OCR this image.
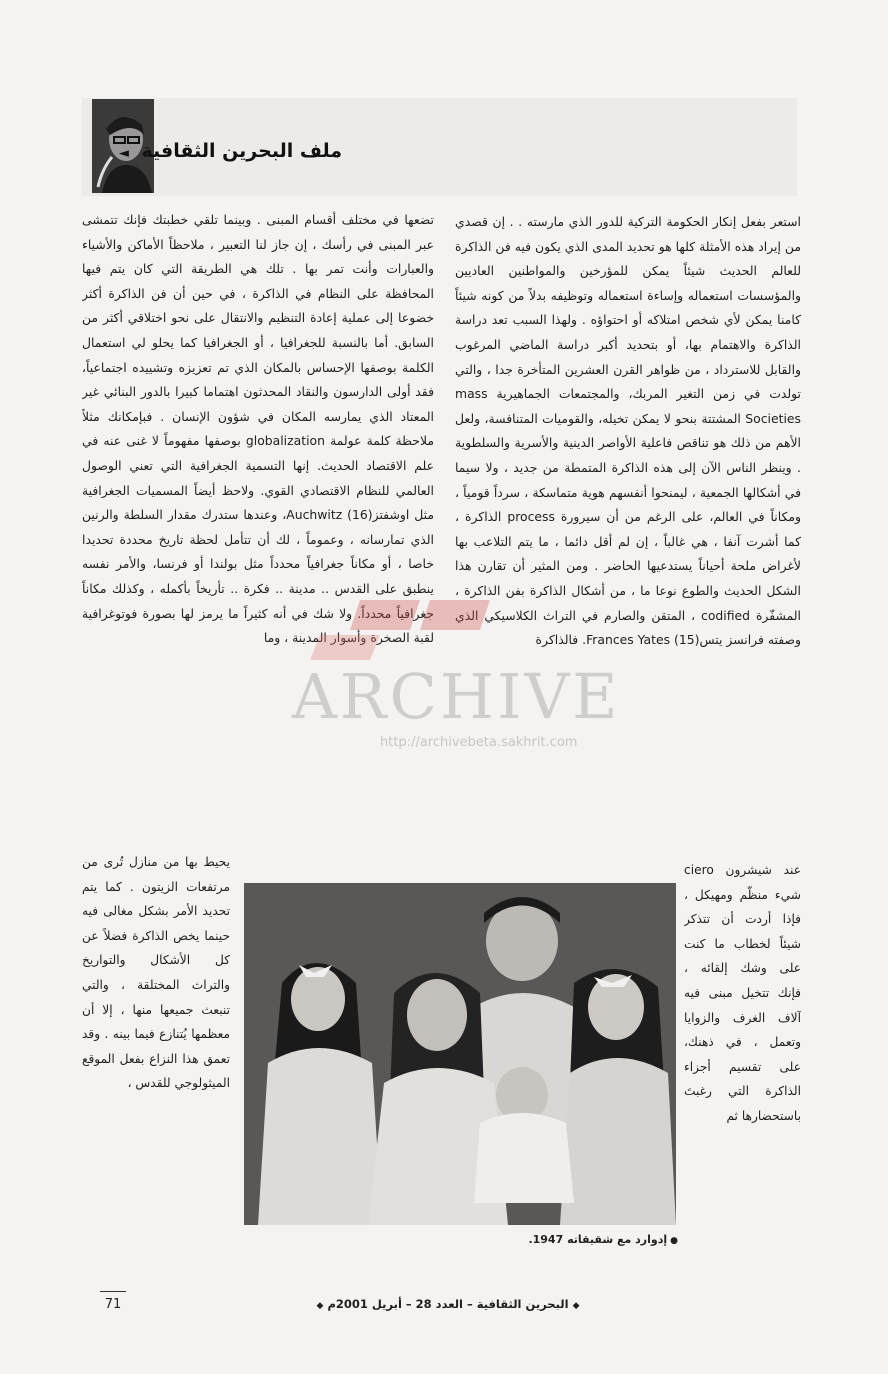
ملف البحرين الثقافية ◄

استعر بفعل إنكار الحكومة التركية للدور الذي مارسته . . إن قصدي من إيراد هذه الأمثلة كلها هو تحديد المدى الذي يكون فيه فن الذاكرة للعالم الحديث شيئاً يمكن للمؤرخين والمواطنين العاديين والمؤسسات استعماله وإساءة استعماله وتوظيفه بدلاً من كونه شيئاً كامنا يمكن لأي شخص امتلاكه أو احتواؤه . ولهذا السبب تعد دراسة الذاكرة والاهتمام بها، أو بتحديد أكبر دراسة الماضي المرغوب والقابل للاسترداد ، من ظواهر القرن العشرين المتأخرة جدا ، والتي تولدت في زمن التغير المربك، والمجتمعات الجماهيرية mass Societies المشتتة بنحو لا يمكن تخيله، والقوميات المتنافسة، ولعل الأهم من ذلك هو تناقص فاعلية الأواصر الدينية والأسرية والسلطوية . وينظر الناس الآن إلى هذه الذاكرة المتمطة من جديد ، ولا سيما في أشكالها الجمعية ، ليمنحوا أنفسهم هوية متماسكة ، سرداً قومياً ، ومكاناً في العالم، على الرغم من أن سيرورة process الذاكرة ، كما أشرت آنفا ، هي غالباً ، إن لم أقل دائما ، ما يتم التلاعب بها لأغراض ملحة أحياناً يستدعيها الحاضر . ومن المثير أن تقارن هذا الشكل الحديث والطوع نوعا ما ، من أشكال الذاكرة بفن الذاكرة ، المشفّرة codified ، المتقن والصارم في التراث الكلاسيكي الذي وصفته فرانسز يتسFrances Yates (15). فالذاكرة

تضعها في مختلف أقسام المبنى . وبينما تلقي خطبتك فإنك تتمشى عبر المبنى في رأسك ، إن جاز لنا التعبير ، ملاحظاً الأماكن والأشياء والعبارات وأنت تمر بها . تلك هي الطريقة التي كان يتم فيها المحافظة على النظام في الذاكرة ، في حين أن فن الذاكرة أكثر خضوعا إلى عملية إعادة التنظيم والانتقال على نحو اختلاقي أكثر من السابق. أما بالنسبة للجغرافيا ، أو الجغرافيا كما يحلو لي استعمال الكلمة بوصفها الإحساس بالمكان الذي تم تعزيزه وتشييده اجتماعياً، فقد أولى الدارسون والنقاد المحدثون اهتماما كبيرا بالدور البنائي غير المعتاد الذي يمارسه المكان في شؤون الإنسان . فبإمكانك مثلاً ملاحظة كلمة عولمة globalization بوصفها مفهوماً لا غنى عنه في علم الاقتصاد الحديث. إنها التسمية الجغرافية التي تعني الوصول العالمي للنظام الاقتصادي القوي. ولاحظ أيضاً المسميات الجغرافية مثل اوشفتزAuchwitz (16)، وعندها ستدرك مقدار السلطة والرنين الذي تمارسانه ، وعموماً ، لك أن تتأمل لحظة تاريخ محددة تحديدا خاصا ، أو مكاناً جغرافياً محدداً مثل بولندا أو فرنسا، والأمر نفسه ينطبق على القدس .. مدينة .. فكرة .. تأريخاً بأكمله ، وكذلك مكاناً جغرافياً محدداً. ولا شك في أنه كثيراً ما يرمز لها بصورة فوتوغرافية لقبة الصخرة وأسوار المدينة ، وما

ARCHIVE
http://archivebeta.sakhrit.com

عند شيشرون ciero شيء منظّم ومهيكل ، فإذا أردت أن تتذكر شيئاً لخطاب ما كنت على وشك إلقائه ، فإنك تتخيل مبنى فيه آلاف الغرف والزوايا وتعمل ، في ذهنك، على تقسيم أجزاء الذاكرة التي رغبتَ باستحضارها ثم

يحيط بها من منازل تُرى من مرتفعات الزيتون . كما يتم تحديد الأمر بشكل مغالى فيه حينما يخص الذاكرة فضلاً عن كل الأشكال والتواريخ والتراث المختلقة ، والتي تنبعث جميعها منها ، إلا أن معظمها يُتنازع فيما بينه . وقد تعمق هذا النزاع بفعل الموقع الميثولوجي للقدس ،

●إدوارد مع شقيقاته 1947.
71	◆ البحرين الثقافية – العدد 28 – أبريل 2001م ◆
